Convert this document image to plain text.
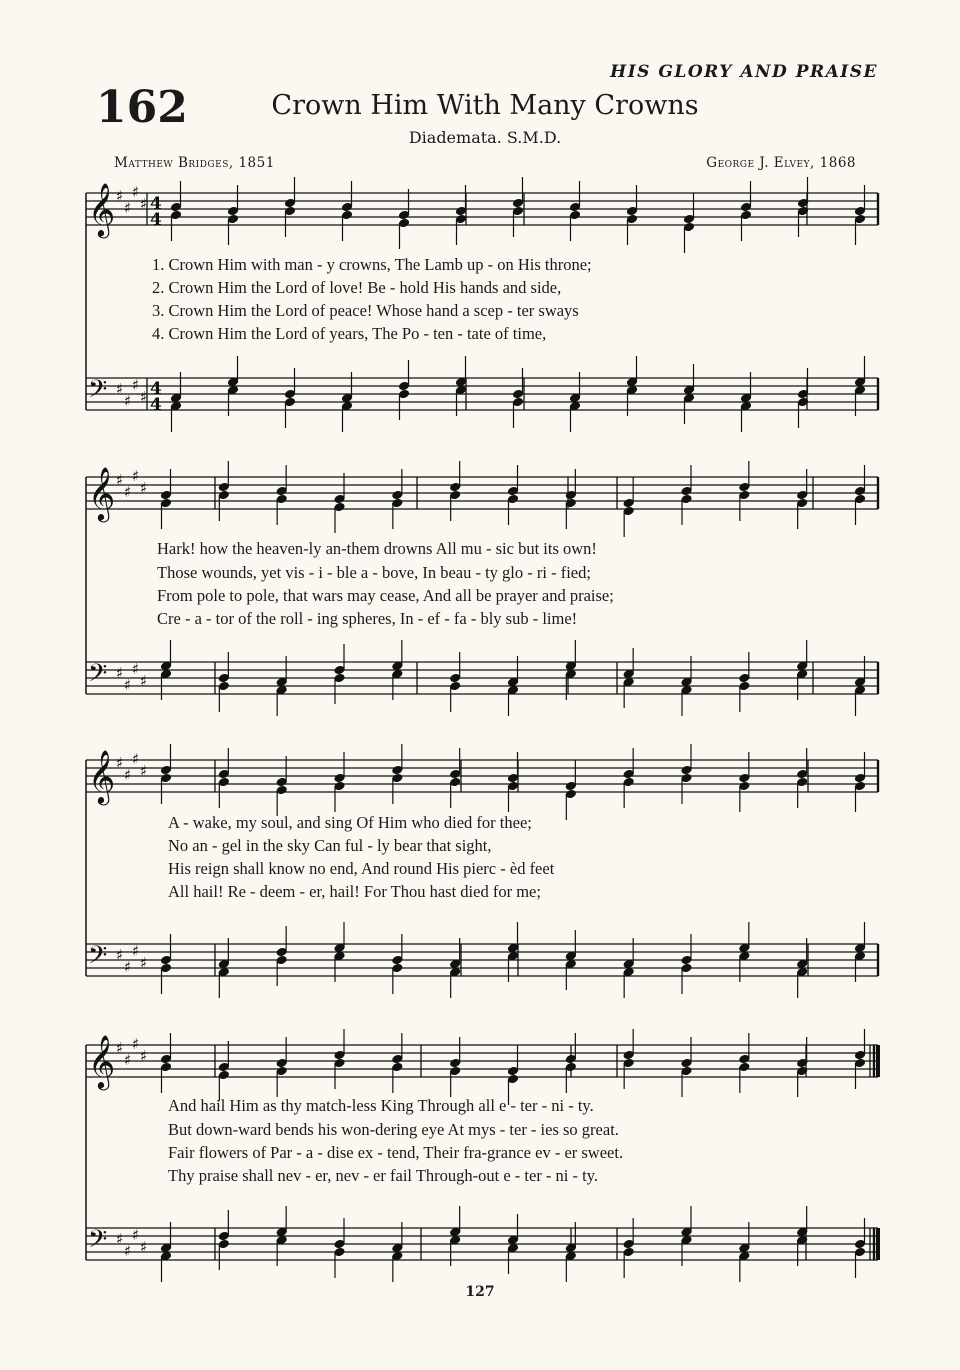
HIS GLORY AND PRAISE
162	Crown Him With Many Crowns
Diademata. S.M.D.
Matthew Bridges, 1851	George J. Elvey, 1868
𝄞 ♯
♯
♯
♯ 4
4
𝄢 ♯
♯
♯
♯ 4
4
𝄞 ♯
♯
♯
♯
𝄢 ♯
♯
♯
♯
𝄞 ♯
♯
♯
♯
𝄢 ♯
♯
♯
♯
𝄞 ♯
♯
♯
♯
𝄢 ♯
♯
♯
♯
1. Crown Him with man - y crowns, The Lamb up - on His throne;
2. Crown Him the Lord of love! Be - hold His hands and side,
3. Crown Him the Lord of peace! Whose hand a scep - ter sways
4. Crown Him the Lord of years, The Po - ten - tate of time,
Hark! how the heaven-ly an-them drowns All mu - sic but its own!
Those wounds, yet vis - i - ble a - bove, In beau - ty glo - ri - fied;
From pole to pole, that wars may cease, And all be prayer and praise;
Cre - a - tor of the roll - ing spheres, In - ef - fa - bly sub - lime!
A - wake, my soul, and sing Of Him who died for thee;
No an - gel in the sky Can ful - ly bear that sight,
His reign shall know no end, And round His pierc - èd feet
All hail! Re - deem - er, hail! For Thou hast died for me;
And hail Him as thy match-less King Through all e - ter - ni - ty.
But down-ward bends his won-dering eye At mys - ter - ies so great.
Fair flowers of Par - a - dise ex - tend, Their fra-grance ev - er sweet.
Thy praise shall nev - er, nev - er fail Through-out e - ter - ni - ty.
127
